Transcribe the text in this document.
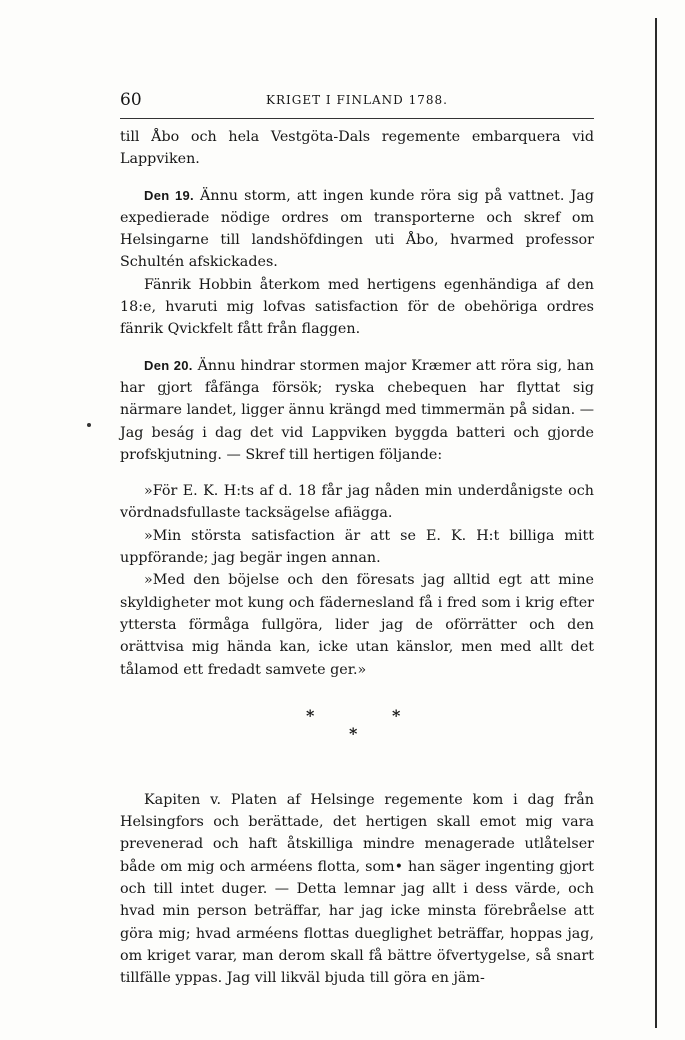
60	KRIGET I FINLAND 1788.

till Åbo och hela Vestgöta-Dals regemente embarquera vid Lappviken.

Den 19. Ännu storm, att ingen kunde röra sig på vattnet. Jag expedierade nödige ordres om transporterne och skref om Helsingarne till landshöfdingen uti Åbo, hvarmed professor Schultén afskickades.

Fänrik Hobbin återkom med hertigens egenhändiga af den 18:e, hvaruti mig lofvas satisfaction för de obehöriga ordres fänrik Qvickfelt fått från flaggen.

Den 20. Ännu hindrar stormen major Kræmer att röra sig, han har gjort fåfänga försök; ryska chebequen har flyttat sig närmare landet, ligger ännu krängd med timmermän på sidan. — Jag beság i dag det vid Lappviken byggda batteri och gjorde profskjutning. — Skref till hertigen följande:

»För E. K. H:ts af d. 18 får jag nåden min underdånigste och vördnadsfullaste tacksägelse afiägga.

»Min största satisfaction är att se E. K. H:t billiga mitt uppförande; jag begär ingen annan.

»Med den böjelse och den föresats jag alltid egt att mine skyldigheter mot kung och fädernesland få i fred som i krig efter yttersta förmåga fullgöra, lider jag de oförrätter och den orättvisa mig hända kan, icke utan känslor, men med allt det tålamod ett fredadt samvete ger.»

*
*
*

Kapiten v. Platen af Helsinge regemente kom i dag från Helsingfors och berättade, det hertigen skall emot mig vara prevenerad och haft åtskilliga mindre menagerade utlåtelser både om mig och arméens flotta, som• han säger ingenting gjort och till intet duger. — Detta lemnar jag allt i dess värde, och hvad min person beträffar, har jag icke minsta förebråelse att göra mig; hvad arméens flottas dueglighet beträffar, hoppas jag, om kriget varar, man derom skall få bättre öfvertygelse, så snart tillfälle yppas. Jag vill likväl bjuda till göra en jäm-
